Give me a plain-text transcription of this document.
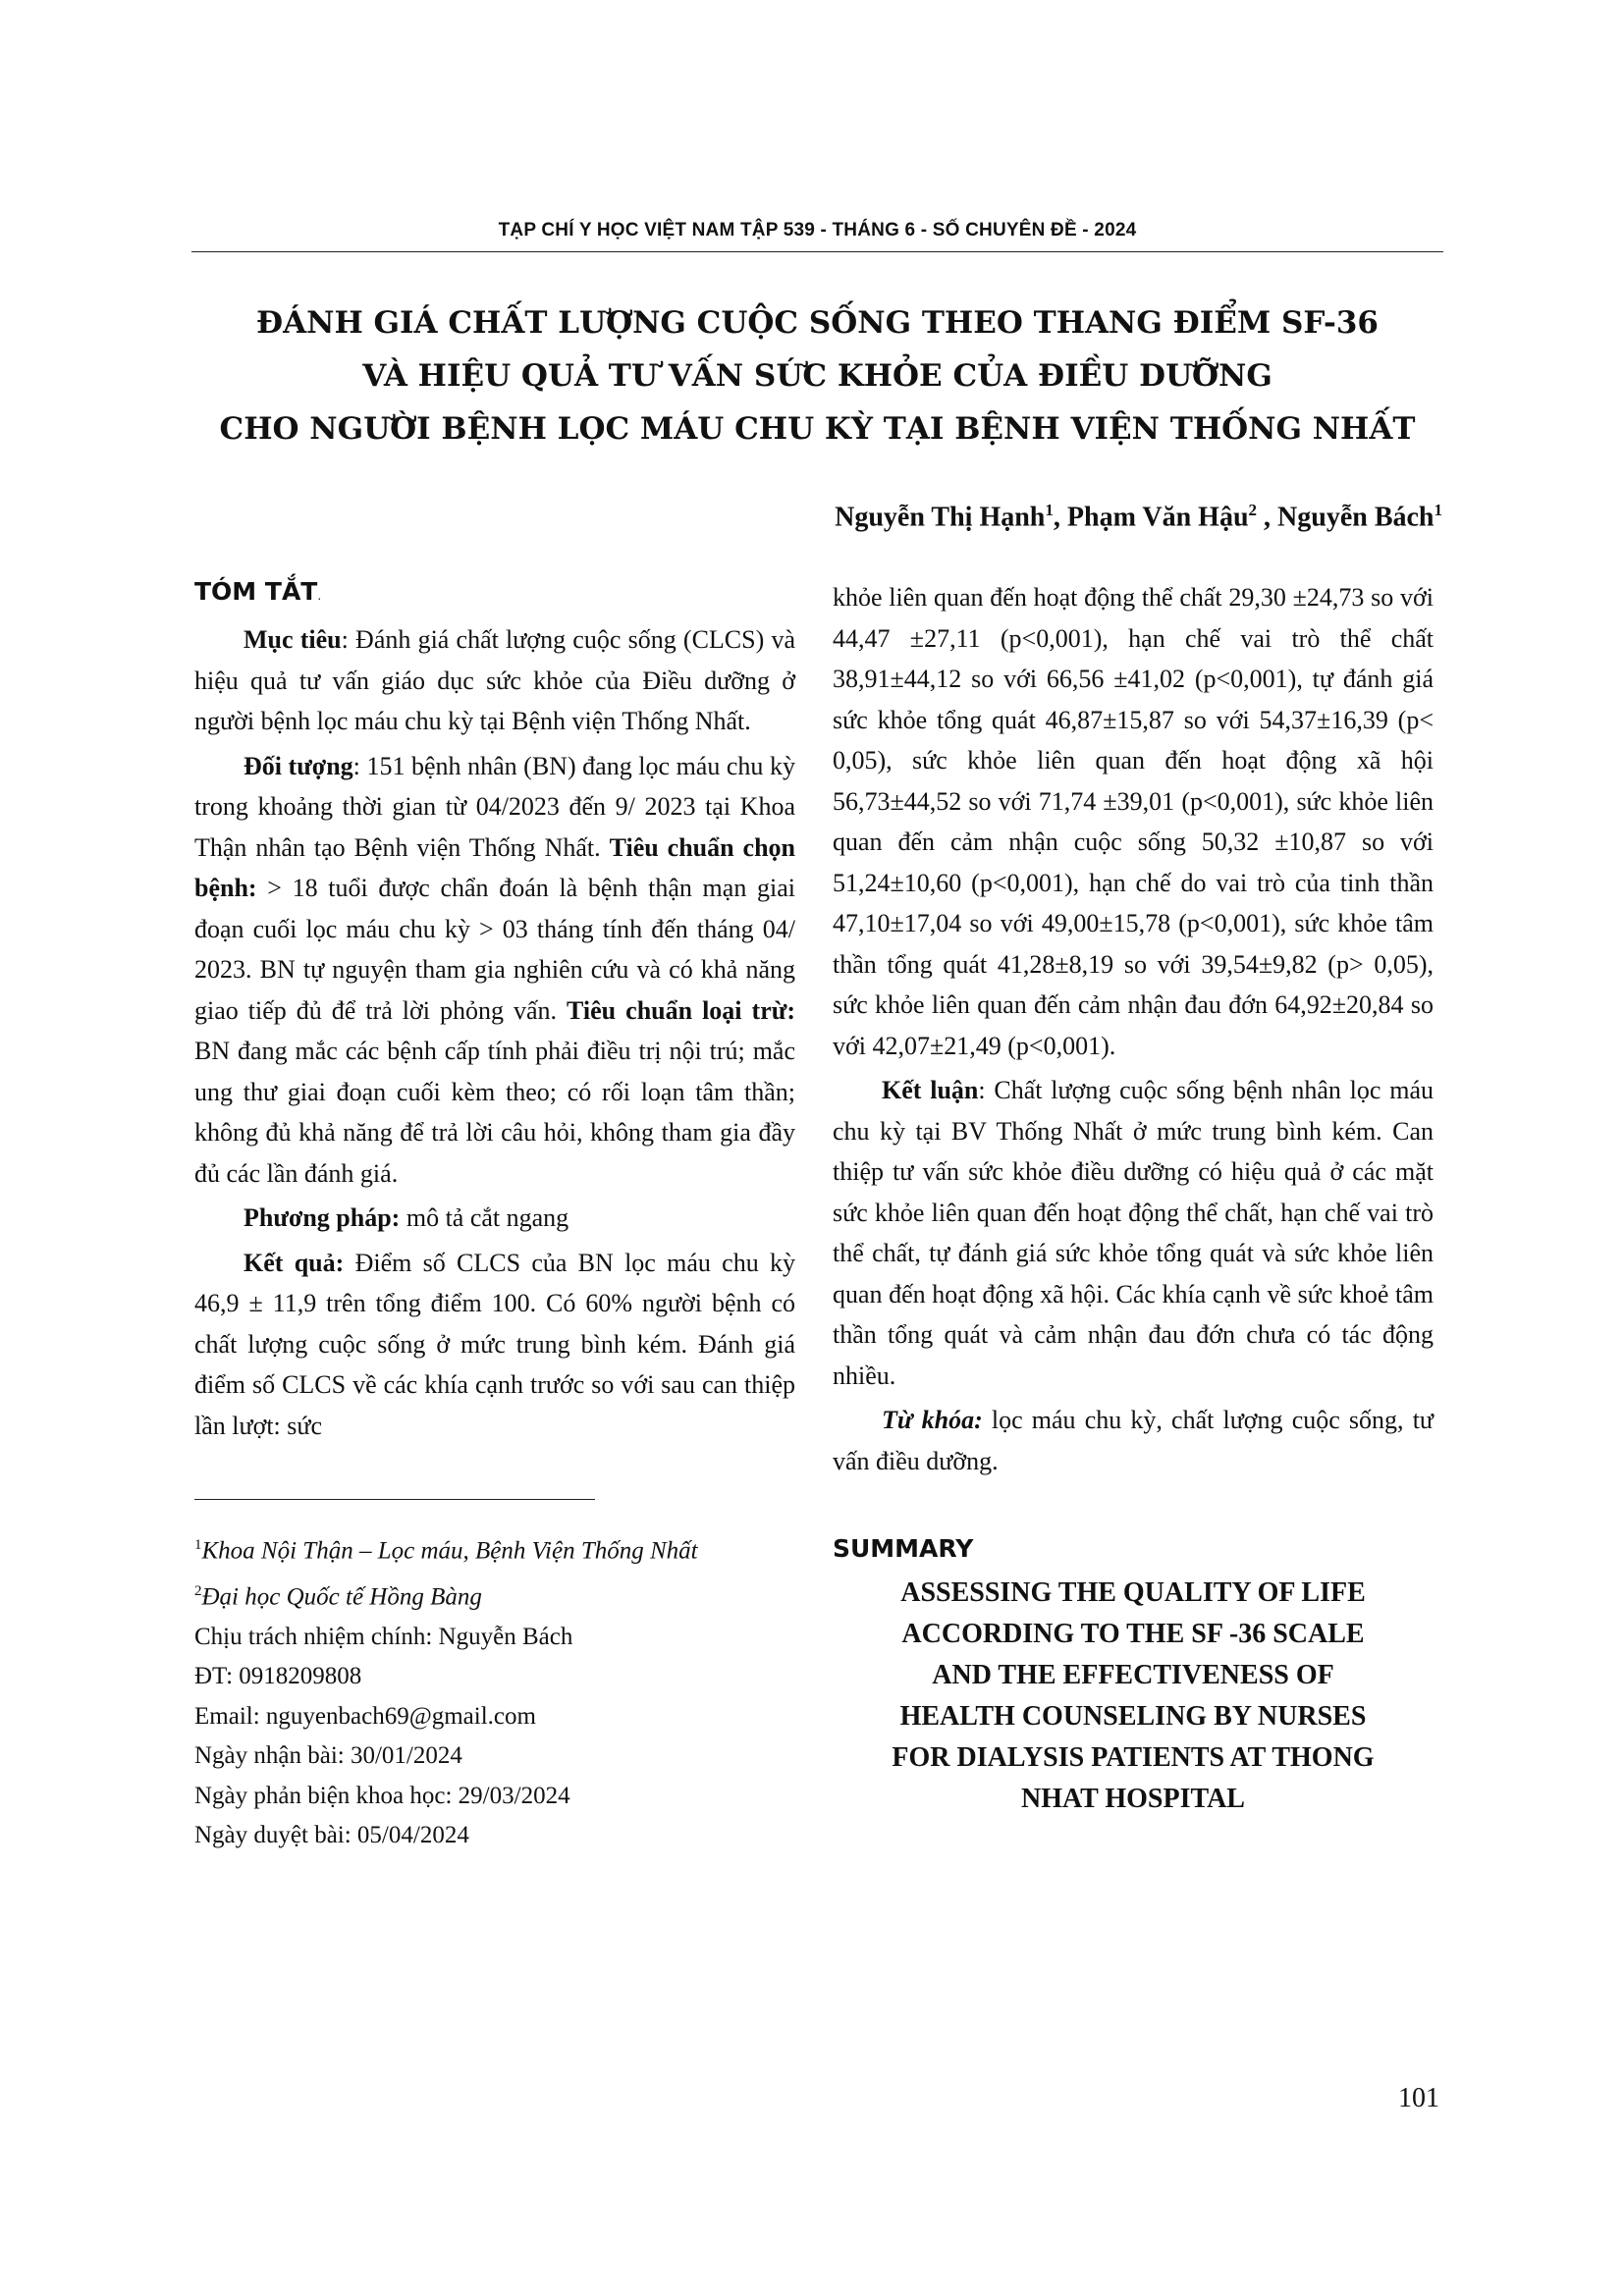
TẠP CHÍ Y HỌC VIỆT NAM TẬP 539 - THÁNG 6 - SỐ CHUYÊN ĐỀ - 2024
ĐÁNH GIÁ CHẤT LƯỢNG CUỘC SỐNG THEO THANG ĐIỂM SF-36
VÀ HIỆU QUẢ TƯ VẤN SỨC KHỎE CỦA ĐIỀU DƯỠNG
CHO NGƯỜI BỆNH LỌC MÁU CHU KỲ TẠI BỆNH VIỆN THỐNG NHẤT
Nguyễn Thị Hạnh$^1$, Phạm Văn Hậu$^2$ , Nguyễn Bách$^1$
TÓM TẮT.

Mục tiêu: Đánh giá chất lượng cuộc sống (CLCS) và hiệu quả tư vấn giáo dục sức khỏe của Điều dưỡng ở người bệnh lọc máu chu kỳ tại Bệnh viện Thống Nhất.

Đối tượng: 151 bệnh nhân (BN) đang lọc máu chu kỳ trong khoảng thời gian từ 04/2023 đến 9/ 2023 tại Khoa Thận nhân tạo Bệnh viện Thống Nhất. Tiêu chuẩn chọn bệnh: > 18 tuổi được chẩn đoán là bệnh thận mạn giai đoạn cuối lọc máu chu kỳ > 03 tháng tính đến tháng 04/ 2023. BN tự nguyện tham gia nghiên cứu và có khả năng giao tiếp đủ để trả lời phỏng vấn. Tiêu chuẩn loại trừ: BN đang mắc các bệnh cấp tính phải điều trị nội trú; mắc ung thư giai đoạn cuối kèm theo; có rối loạn tâm thần; không đủ khả năng để trả lời câu hỏi, không tham gia đầy đủ các lần đánh giá.

Phương pháp: mô tả cắt ngang

Kết quả: Điểm số CLCS của BN lọc máu chu kỳ 46,9 ± 11,9 trên tổng điểm 100. Có 60% người bệnh có chất lượng cuộc sống ở mức trung bình kém. Đánh giá điểm số CLCS về các khía cạnh trước so với sau can thiệp lần lượt: sức

$^1$Khoa Nội Thận – Lọc máu, Bệnh Viện Thống Nhất

$^2$Đại học Quốc tế Hồng Bàng

Chịu trách nhiệm chính: Nguyễn Bách

ĐT: 0918209808

Email: nguyenbach69@gmail.com

Ngày nhận bài: 30/01/2024

Ngày phản biện khoa học: 29/03/2024

Ngày duyệt bài: 05/04/2024

khỏe liên quan đến hoạt động thể chất 29,30 ±24,73 so với 44,47 ±27,11 (p<0,001), hạn chế vai trò thể chất 38,91±44,12 so với 66,56 ±41,02 (p<0,001), tự đánh giá sức khỏe tổng quát 46,87±15,87 so với 54,37±16,39 (p< 0,05), sức khỏe liên quan đến hoạt động xã hội 56,73±44,52 so với 71,74 ±39,01 (p<0,001), sức khỏe liên quan đến cảm nhận cuộc sống 50,32 ±10,87 so với 51,24±10,60 (p<0,001), hạn chế do vai trò của tinh thần 47,10±17,04 so với 49,00±15,78 (p<0,001), sức khỏe tâm thần tổng quát 41,28±8,19 so với 39,54±9,82 (p> 0,05), sức khỏe liên quan đến cảm nhận đau đớn 64,92±20,84 so với 42,07±21,49 (p<0,001).

Kết luận: Chất lượng cuộc sống bệnh nhân lọc máu chu kỳ tại BV Thống Nhất ở mức trung bình kém. Can thiệp tư vấn sức khỏe điều dưỡng có hiệu quả ở các mặt sức khỏe liên quan đến hoạt động thể chất, hạn chế vai trò thể chất, tự đánh giá sức khỏe tổng quát và sức khỏe liên quan đến hoạt động xã hội. Các khía cạnh về sức khoẻ tâm thần tổng quát và cảm nhận đau đớn chưa có tác động nhiều.

Từ khóa: lọc máu chu kỳ, chất lượng cuộc sống, tư vấn điều dưỡng.

SUMMARY
ASSESSING THE QUALITY OF LIFE
ACCORDING TO THE SF -36 SCALE
AND THE EFFECTIVENESS OF
HEALTH COUNSELING BY NURSES
FOR DIALYSIS PATIENTS AT THONG
NHAT HOSPITAL
101
